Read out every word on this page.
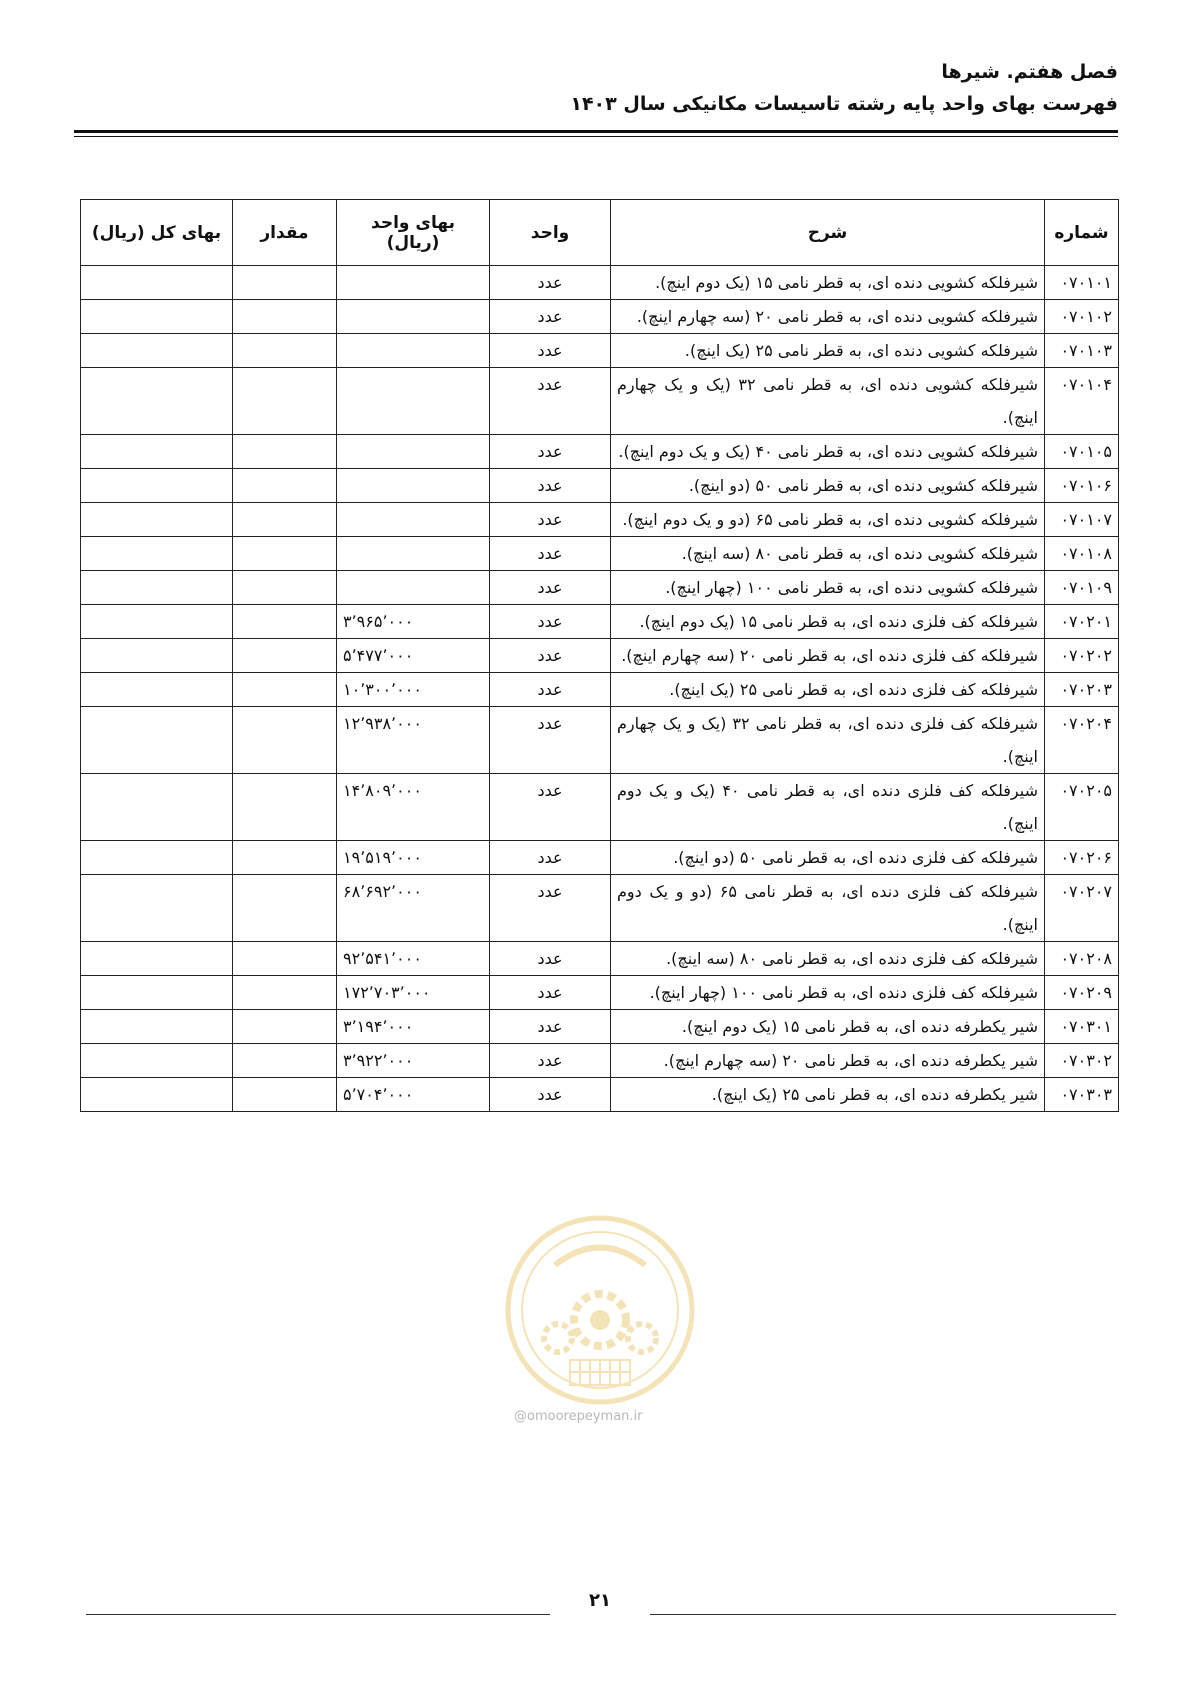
فصل هفتم. شیرها

فهرست بهای واحد پایه رشته تاسیسات مکانیکی سال ۱۴۰۳

شماره	شرح	واحد	بهای واحد (ریال)	مقدار	بهای کل (ریال)
۰۷۰۱۰۱	شیرفلکه کشویی دنده ای، به قطر نامی ۱۵ (یک دوم اینچ).	عدد			
۰۷۰۱۰۲	شیرفلکه کشویی دنده ای، به قطر نامی ۲۰ (سه چهارم اینچ).	عدد			
۰۷۰۱۰۳	شیرفلکه کشویی دنده ای، به قطر نامی ۲۵ (یک اینچ).	عدد			
۰۷۰۱۰۴	شیرفلکه کشویی دنده ای، به قطر نامی ۳۲ (یک و یک چهارم اینچ).	عدد			
۰۷۰۱۰۵	شیرفلکه کشویی دنده ای، به قطر نامی ۴۰ (یک و یک دوم اینچ).	عدد			
۰۷۰۱۰۶	شیرفلکه کشویی دنده ای، به قطر نامی ۵۰ (دو اینچ).	عدد			
۰۷۰۱۰۷	شیرفلکه کشویی دنده ای، به قطر نامی ۶۵ (دو و یک دوم اینچ).	عدد			
۰۷۰۱۰۸	شیرفلکه کشویی دنده ای، به قطر نامی ۸۰ (سه اینچ).	عدد			
۰۷۰۱۰۹	شیرفلکه کشویی دنده ای، به قطر نامی ۱۰۰ (چهار اینچ).	عدد			
۰۷۰۲۰۱	شیرفلکه کف فلزی دنده ای، به قطر نامی ۱۵ (یک دوم اینچ).	عدد	۳٬۹۶۵٬۰۰۰		
۰۷۰۲۰۲	شیرفلکه کف فلزی دنده ای، به قطر نامی ۲۰ (سه چهارم اینچ).	عدد	۵٬۴۷۷٬۰۰۰		
۰۷۰۲۰۳	شیرفلکه کف فلزی دنده ای، به قطر نامی ۲۵ (یک اینچ).	عدد	۱۰٬۳۰۰٬۰۰۰		
۰۷۰۲۰۴	شیرفلکه کف فلزی دنده ای، به قطر نامی ۳۲ (یک و یک چهارم اینچ).	عدد	۱۲٬۹۳۸٬۰۰۰		
۰۷۰۲۰۵	شیرفلکه کف فلزی دنده ای، به قطر نامی ۴۰ (یک و یک دوم اینچ).	عدد	۱۴٬۸۰۹٬۰۰۰		
۰۷۰۲۰۶	شیرفلکه کف فلزی دنده ای، به قطر نامی ۵۰ (دو اینچ).	عدد	۱۹٬۵۱۹٬۰۰۰		
۰۷۰۲۰۷	شیرفلکه کف فلزی دنده ای، به قطر نامی ۶۵ (دو و یک دوم اینچ).	عدد	۶۸٬۶۹۲٬۰۰۰		
۰۷۰۲۰۸	شیرفلکه کف فلزی دنده ای، به قطر نامی ۸۰ (سه اینچ).	عدد	۹۲٬۵۴۱٬۰۰۰		
۰۷۰۲۰۹	شیرفلکه کف فلزی دنده ای، به قطر نامی ۱۰۰ (چهار اینچ).	عدد	۱۷۲٬۷۰۳٬۰۰۰		
۰۷۰۳۰۱	شیر یکطرفه دنده ای، به قطر نامی ۱۵ (یک دوم اینچ).	عدد	۳٬۱۹۴٬۰۰۰		
۰۷۰۳۰۲	شیر یکطرفه دنده ای، به قطر نامی ۲۰ (سه چهارم اینچ).	عدد	۳٬۹۲۲٬۰۰۰		
۰۷۰۳۰۳	شیر یکطرفه دنده ای، به قطر نامی ۲۵ (یک اینچ).	عدد	۵٬۷۰۴٬۰۰۰		
@omoorepeyman.ir
۲۱
